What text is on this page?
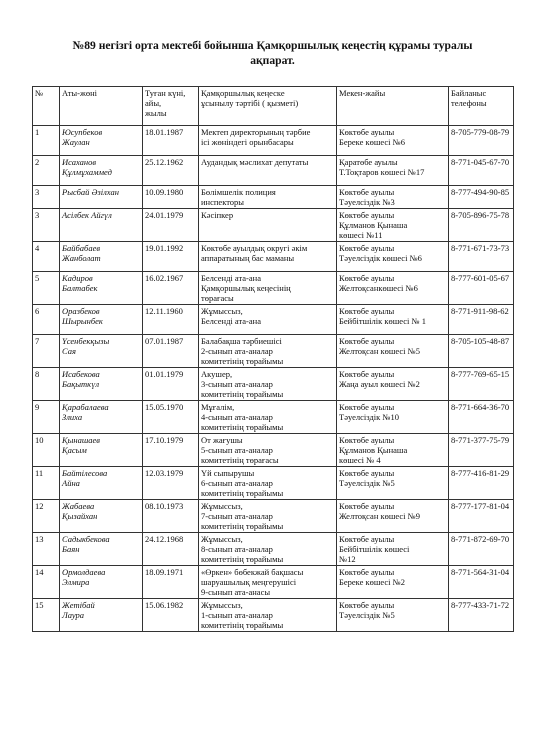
№89 негізгі орта мектебі бойынша Қамқоршылық кеңестің құрамы туралы
ақпарат.
№	Аты-жөні	Туған күні,
айы,
жылы	Қамқоршылық кеңеске
ұсынылу тәртібі ( қызметі)	Мекен-жайы	Байланыс
телефоны
1	Юсупбеков
Жаулан	18.01.1987	Мектеп директорының тәрбие
ісі жөніндегі орынбасары	Көктөбе ауылы
Береке көшесі №6	8-705-779-08-79
2	Исаханов
Құлмұхаммед	25.12.1962	Аудандық мәслихат депутаты	Қаратөбе ауылы
Т.Тоқтаров көшесі №17	8-771-045-67-70
3	Рысбай Әзілхан	10.09.1980	Бөлімшелік полиция
инспекторы	Көктөбе ауылы
Тәуелсіздік №3	8-777-494-90-85
3	Асілбек Айгүл	24.01.1979	Кәсіпкер	Көктөбе ауылы
Құлманов Қынаша
көшесі №11	8-705-896-75-78
4	Байбабаев
Жанболат	19.01.1992	Көктөбе ауылдық округі әкім
аппаратының бас маманы	Көктөбе ауылы
Тәуелсіздік көшесі №6	8-771-671-73-73
5	Кадиров
Балтабек	16.02.1967	Белсенді ата-ана
Қамқоршылық кеңесінің
төрағасы	Көктөбе ауылы
Желтоқсанкөшесі №6	8-777-601-05-67
6	Оразбеков
Шырынбек	12.11.1960	Жұмыссыз,
Белсенді ата-ана	Көктөбе ауылы
Бейбітшілік көшесі № 1	8-771-911-98-62
7	Үсенбекқызы
Сая	07.01.1987	Балабақша тәрбиешісі
2-сынып ата-аналар
комитетінің төрайымы	Көктөбе ауылы
Желтоқсан көшесі №5	8-705-105-48-87
8	Исабекова
Бақыткүл	01.01.1979	Акушер,
3-сынып ата-аналар
комитетінің төрайымы	Көктөбе ауылы
Жаңа ауыл көшесі №2	8-777-769-65-15
9	Қарабалаева
Злиха	15.05.1970	Мұғалім,
4-сынып ата-аналар
комитетінің төрайымы	Көктөбе ауылы
Тәуелсіздік №10	8-771-664-36-70
10	Қынашаев
Қасым	17.10.1979	От жағушы
5-сынып ата-аналар
комитетінің төрағасы	Көктөбе ауылы
Құлманов Қынаша
көшесі № 4	8-771-377-75-79
11	Байтілесова
Айна	12.03.1979	Үй сыпырушы
6-сынып ата-аналар
комитетінің төрайымы	Көктөбе ауылы
Тәуелсіздік №5	8-777-416-81-29
12	Жабаева
Қызайхан	08.10.1973	Жұмыссыз,
7-сынып ата-аналар
комитетінің төрайымы	Көктөбе ауылы
Желтоқсан көшесі №9	8-777-177-81-04
13	Садыкбекова
Баян	24.12.1968	Жұмыссыз,
8-сынып ата-аналар
комитетінің төрайымы	Көктөбе ауылы
Бейбітшілік көшесі
№12	8-771-872-69-70
14	Ормолдаева
Элмира	18.09.1971	«Өркен» бөбекжай бақшасы
шаруашылық меңгерушісі
9-сынып ата-анасы	Көктөбе ауылы
Береке көшесі №2	8-771-564-31-04
15	Жетібай
Лаура	15.06.1982	Жұмыссыз,
1-сынып ата-аналар
комитетінің төрайымы	Көктөбе ауылы
Тәуелсіздік №5	8-777-433-71-72
